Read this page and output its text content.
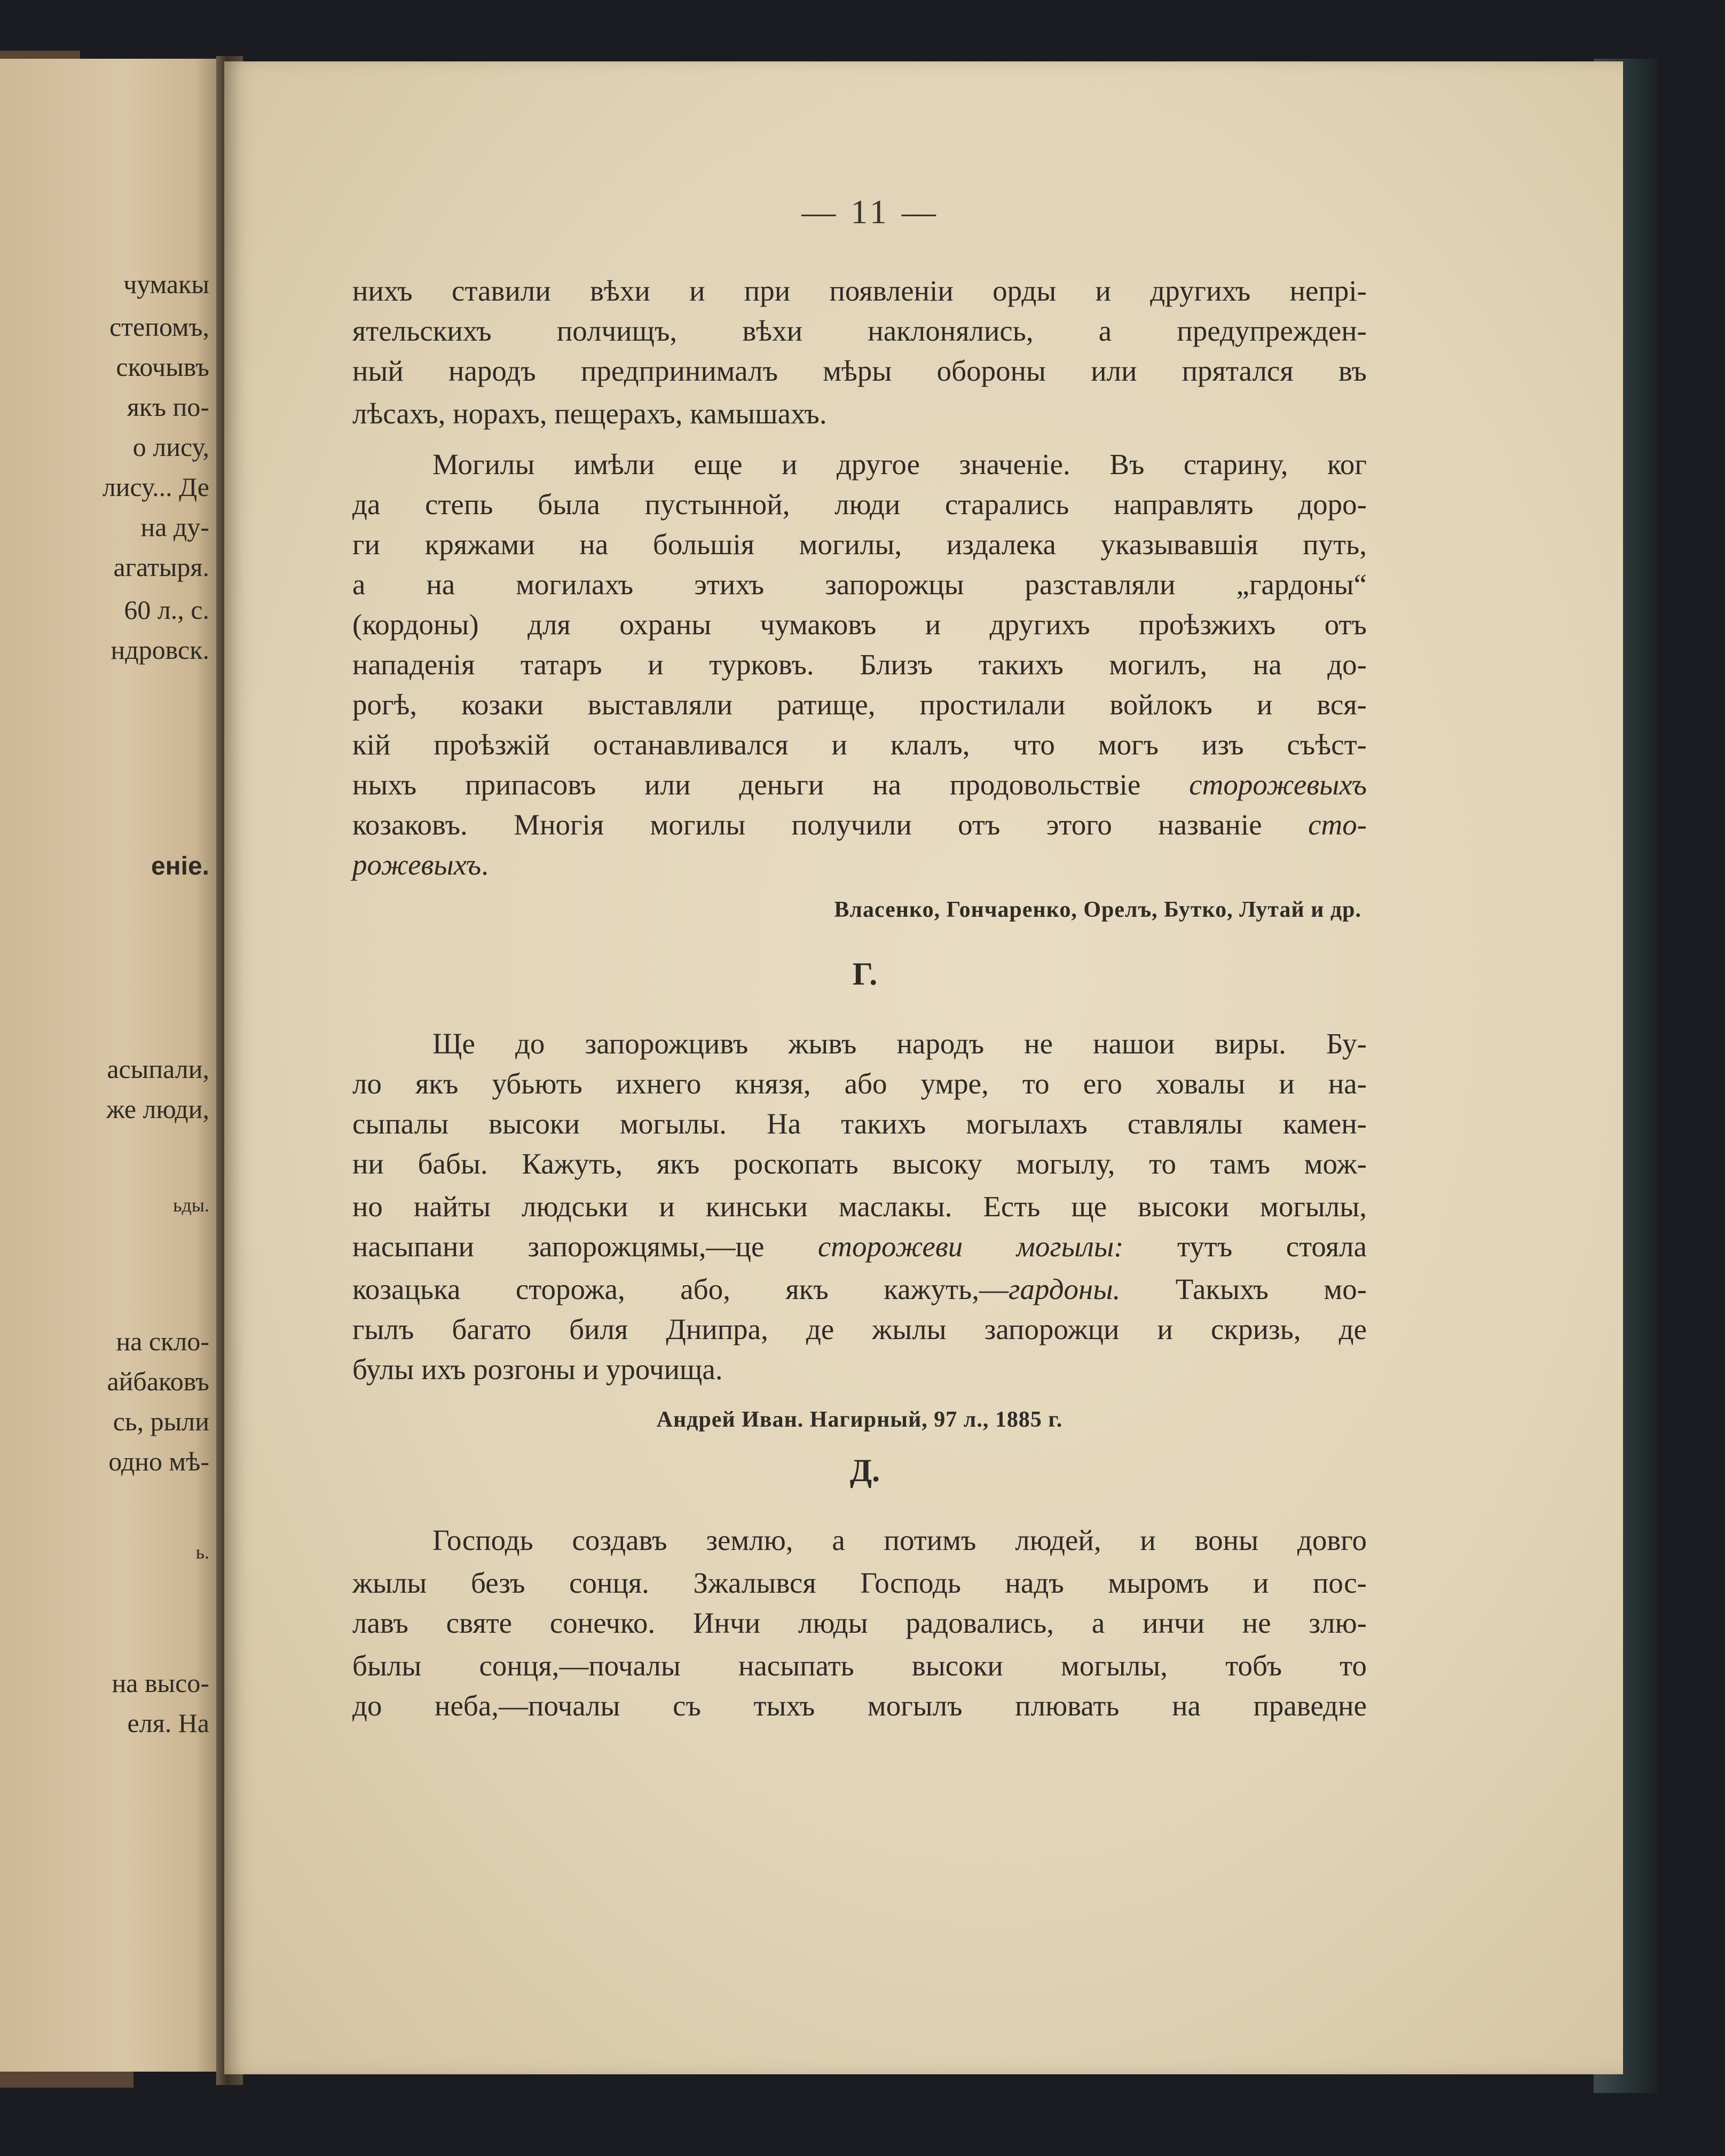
чумакы
степомъ,
скочывъ
якъ по-
о лису,
лису... Де
на ду-
агатыря.
60 л., с.
ндровск.
еніе.
асыпали,
же люди,
ьды.
на скло-
айбаковъ
сь, рыли
одно мѣ-
ь.
на высо-
еля. На
— 11 —
нихъ ставили вѣхи и при появленіи орды и другихъ непрі-
ятельскихъ полчищъ, вѣхи наклонялись, а предупрежден-
ный народъ предпринималъ мѣры обороны или прятался въ
лѣсахъ, норахъ, пещерахъ, камышахъ.
Могилы имѣли еще и другое значеніе. Въ старину, ког
да степь была пустынной, люди старались направлять доро-
ги кряжами на большія могилы, издалека указывавшія путь,
а на могилахъ этихъ запорожцы разставляли „гардоны“
(кордоны) для охраны чумаковъ и другихъ проѣзжихъ отъ
нападенія татаръ и турковъ. Близъ такихъ могилъ, на до-
рогѣ, козаки выставляли ратище, простилали войлокъ и вся-
кій проѣзжій останавливался и клалъ, что могъ изъ съѣст-
ныхъ припасовъ или деньги на продовольствіе сторожевыхъ
козаковъ. Многія могилы получили отъ этого названіе сто-
рожевыхъ.
Власенко, Гончаренко, Орелъ, Бутко, Лутай и др.
Г.
Ще до запорожцивъ жывъ народъ не нашои виры. Бу-
ло якъ убьють ихнего князя, або умре, то его ховалы и на-
сыпалы высоки могылы. На такихъ могылахъ ставлялы камен-
ни бабы. Кажуть, якъ роскопать высоку могылу, то тамъ мож-
но найты людськи и кинськи маслакы. Есть ще высоки могылы,
насыпани запорожцямы,—це сторожеви могылы: тутъ стояла
козацька сторожа, або, якъ кажуть,—гардоны. Такыхъ мо-
гылъ багато биля Днипра, де жылы запорожци и скризь, де
булы ихъ розгоны и урочища.
Андрей Иван. Нагирный, 97 л., 1885 г.
Д.
Господь создавъ землю, а потимъ людей, и воны довго
жылы безъ сонця. Зжалывся Господь надъ мыромъ и пос-
лавъ святе сонечко. Инчи люды радовались, а инчи не злю-
былы сонця,—почалы насыпать высоки могылы, тобъ то
до неба,—почалы съ тыхъ могылъ плювать на праведне
